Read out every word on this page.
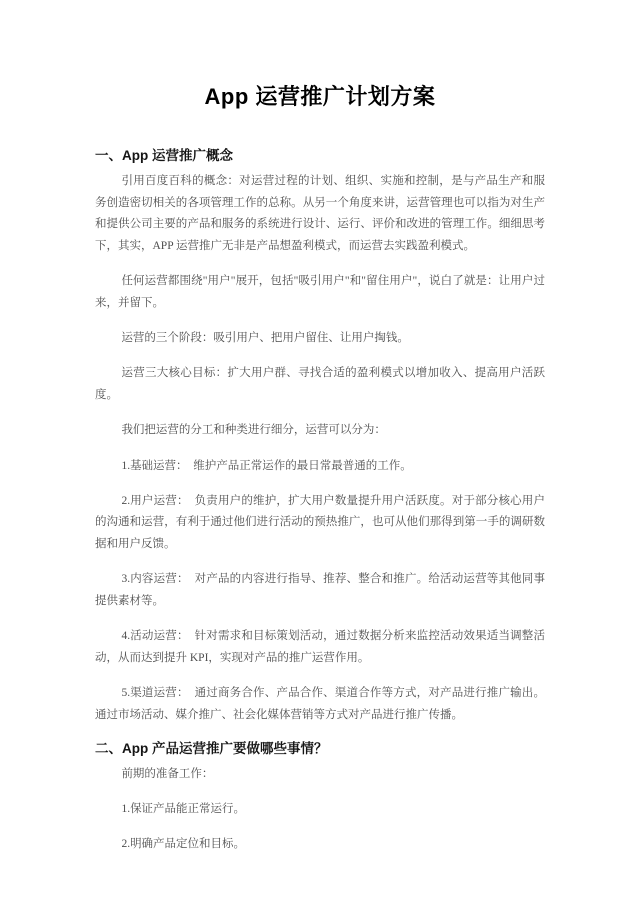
App 运营推广计划方案
一、App 运营推广概念

引用百度百科的概念：对运营过程的计划、组织、实施和控制，是与产品生产和服务创造密切相关的各项管理工作的总称。从另一个角度来讲，运营管理也可以指为对生产和提供公司主要的产品和服务的系统进行设计、运行、评价和改进的管理工作。细细思考下，其实，APP 运营推广无非是产品想盈利模式，而运营去实践盈利模式。

任何运营都围绕"用户"展开，包括"吸引用户"和"留住用户"，说白了就是：让用户过来，并留下。

运营的三个阶段：吸引用户、把用户留住、让用户掏钱。

运营三大核心目标：扩大用户群、寻找合适的盈利模式以增加收入、提高用户活跃度。

我们把运营的分工和种类进行细分，运营可以分为：

1.基础运营：　维护产品正常运作的最日常最普通的工作。

2.用户运营：　负责用户的维护，扩大用户数量提升用户活跃度。对于部分核心用户的沟通和运营，有利于通过他们进行活动的预热推广，也可从他们那得到第一手的调研数据和用户反馈。

3.内容运营：　对产品的内容进行指导、推荐、整合和推广。给活动运营等其他同事提供素材等。

4.活动运营：　针对需求和目标策划活动，通过数据分析来监控活动效果适当调整活动，从而达到提升 KPI，实现对产品的推广运营作用。

5.渠道运营：　通过商务合作、产品合作、渠道合作等方式，对产品进行推广输出。通过市场活动、媒介推广、社会化媒体营销等方式对产品进行推广传播。

二、App 产品运营推广要做哪些事情？

前期的准备工作：

1.保证产品能正常运行。

2.明确产品定位和目标。
